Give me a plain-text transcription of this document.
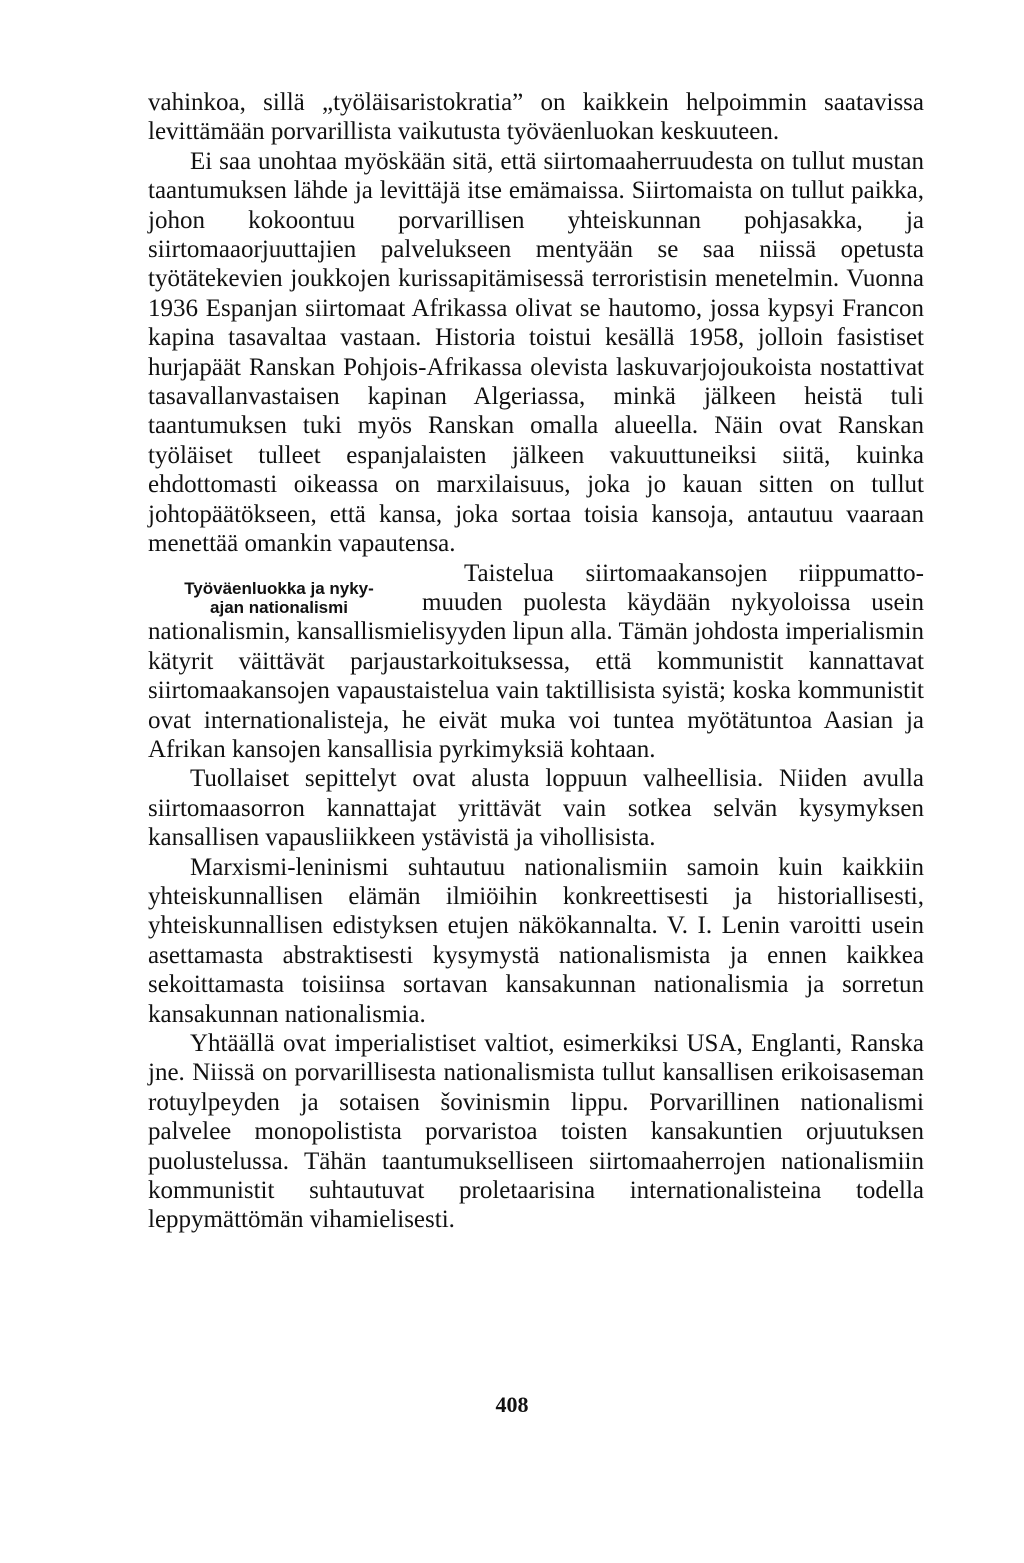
vahinkoa, sillä „työläisaristokratia” on kaikkein helpoimmin saatavissa levittämään porvarillista vaikutusta työväenluokan keskuuteen.

Ei saa unohtaa myöskään sitä, että siirtomaaherruudesta on tullut mustan taantumuksen lähde ja levittäjä itse emämaissa. Siirtomaista on tullut paikka, johon kokoontuu porvarillisen yhteiskunnan pohjasakka, ja siirtomaaorjuuttajien palvelukseen mentyään se saa niissä opetusta työtätekevien joukkojen kurissapitämisessä terroristisin menetelmin. Vuonna 1936 Espanjan siirtomaat Afrikassa olivat se hautomo, jossa kypsyi Francon kapina tasavaltaa vastaan. Historia toistui kesällä 1958, jolloin fasistiset hurjapäät Ranskan Pohjois-Afrikassa olevista laskuvarjojoukoista nostattivat tasavallanvastaisen kapinan Algeriassa, minkä jälkeen heistä tuli taantumuksen tuki myös Ranskan omalla alueella. Näin ovat Ranskan työläiset tulleet espanjalaisten jälkeen vakuuttuneiksi siitä, kuinka ehdottomasti oikeassa on marxilaisuus, joka jo kauan sitten on tullut johtopäätökseen, että kansa, joka sortaa toisia kansoja, antautuu vaaraan menettää omankin vapautensa.

Työväenluokka ja nyky-
ajan nationalismi

Taistelua siirtomaakansojen riippumattomuuden puolesta käydään nykyoloissa usein nationalismin, kansallismielisyyden lipun alla. Tämän johdosta imperialismin kätyrit väittävät parjaustarkoituksessa, että kommunistit kannattavat siirtomaakansojen vapaustaistelua vain taktillisista syistä; koska kommunistit ovat internationalisteja, he eivät muka voi tuntea myötätuntoa Aasian ja Afrikan kansojen kansallisia pyrkimyksiä kohtaan.

Tuollaiset sepittelyt ovat alusta loppuun valheellisia. Niiden avulla siirtomaasorron kannattajat yrittävät vain sotkea selvän kysymyksen kansallisen vapausliikkeen ystävistä ja vihollisista.

Marxismi-leninismi suhtautuu nationalismiin samoin kuin kaikkiin yhteiskunnallisen elämän ilmiöihin konkreettisesti ja historiallisesti, yhteiskunnallisen edistyksen etujen näkökannalta. V. I. Lenin varoitti usein asettamasta abstraktisesti kysymystä nationalismista ja ennen kaikkea sekoittamasta toisiinsa sortavan kansakunnan nationalismia ja sorretun kansakunnan nationalismia.

Yhtäällä ovat imperialistiset valtiot, esimerkiksi USA, Englanti, Ranska jne. Niissä on porvarillisesta nationalismista tullut kansallisen erikoisaseman rotuylpeyden ja sotaisen šovinismin lippu. Porvarillinen nationalismi palvelee monopolistista porvaristoa toisten kansakuntien orjuutuksen puolustelussa. Tähän taantumukselliseen siirtomaaherrojen nationalismiin kommunistit suhtautuvat proletaarisina internationalisteina todella leppymättömän vihamielisesti.

408
